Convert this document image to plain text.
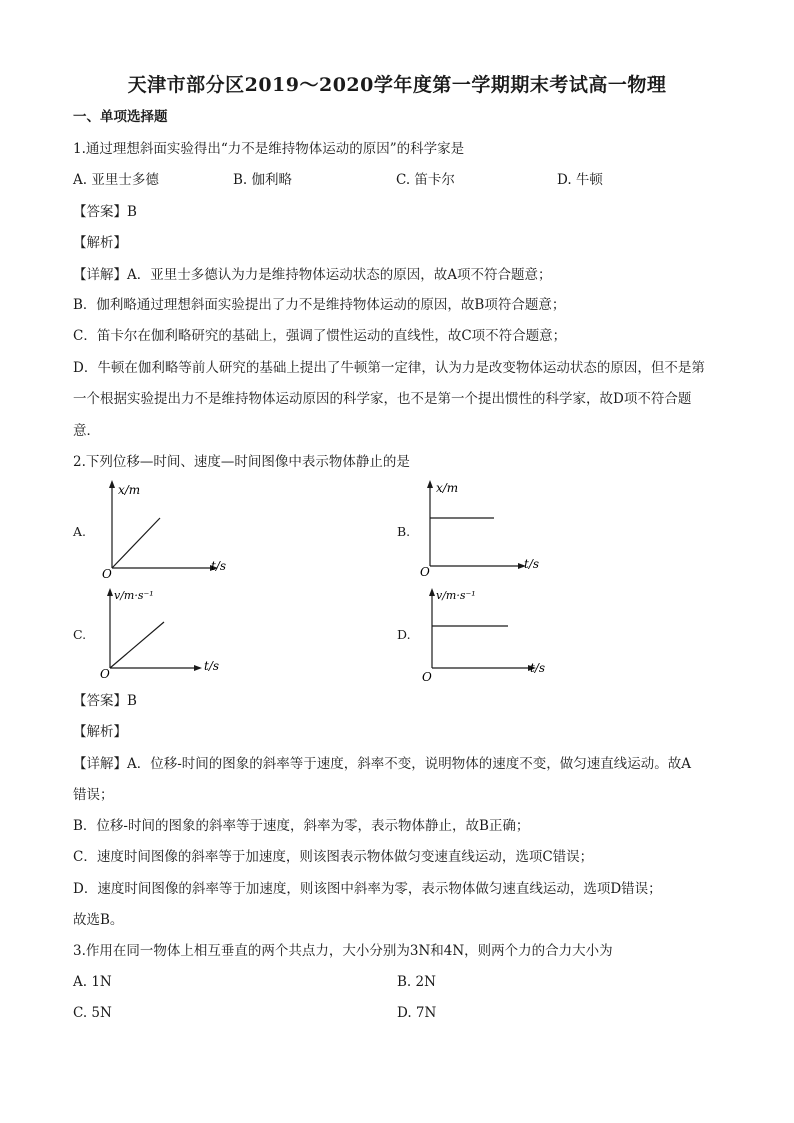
天津市部分区2019～2020学年度第一学期期末考试高一物理
一、单项选择题
1.通过理想斜面实验得出“力不是维持物体运动的原因”的科学家是
A. 亚里士多德	B. 伽利略	C. 笛卡尔	D. 牛顿
【答案】B
【解析】
【详解】A．亚里士多德认为力是维持物体运动状态的原因，故A项不符合题意；
B．伽利略通过理想斜面实验提出了力不是维持物体运动的原因，故B项符合题意；
C．笛卡尔在伽利略研究的基础上，强调了惯性运动的直线性，故C项不符合题意；
D．牛顿在伽利略等前人研究的基础上提出了牛顿第一定律，认为力是改变物体运动状态的原因，但不是第
一个根据实验提出力不是维持物体运动原因的科学家，也不是第一个提出惯性的科学家，故D项不符合题
意．
2.下列位移—时间、速度—时间图像中表示物体静止的是
A.
x/m
t/s
O
B.
x/m
t/s
O
C.
v/m·s⁻¹
t/s
O
D.
v/m·s⁻¹
t/s
O
【答案】B
【解析】
【详解】A．位移-时间的图象的斜率等于速度，斜率不变，说明物体的速度不变，做匀速直线运动。故A
错误；
B．位移-时间的图象的斜率等于速度，斜率为零，表示物体静止，故B正确；
C．速度时间图像的斜率等于加速度，则该图表示物体做匀变速直线运动，选项C错误；
D．速度时间图像的斜率等于加速度，则该图中斜率为零，表示物体做匀速直线运动，选项D错误；
故选B。
3.作用在同一物体上相互垂直的两个共点力，大小分别为3N和4N，则两个力的合力大小为
A. 1N	B. 2N
C. 5N	D. 7N
